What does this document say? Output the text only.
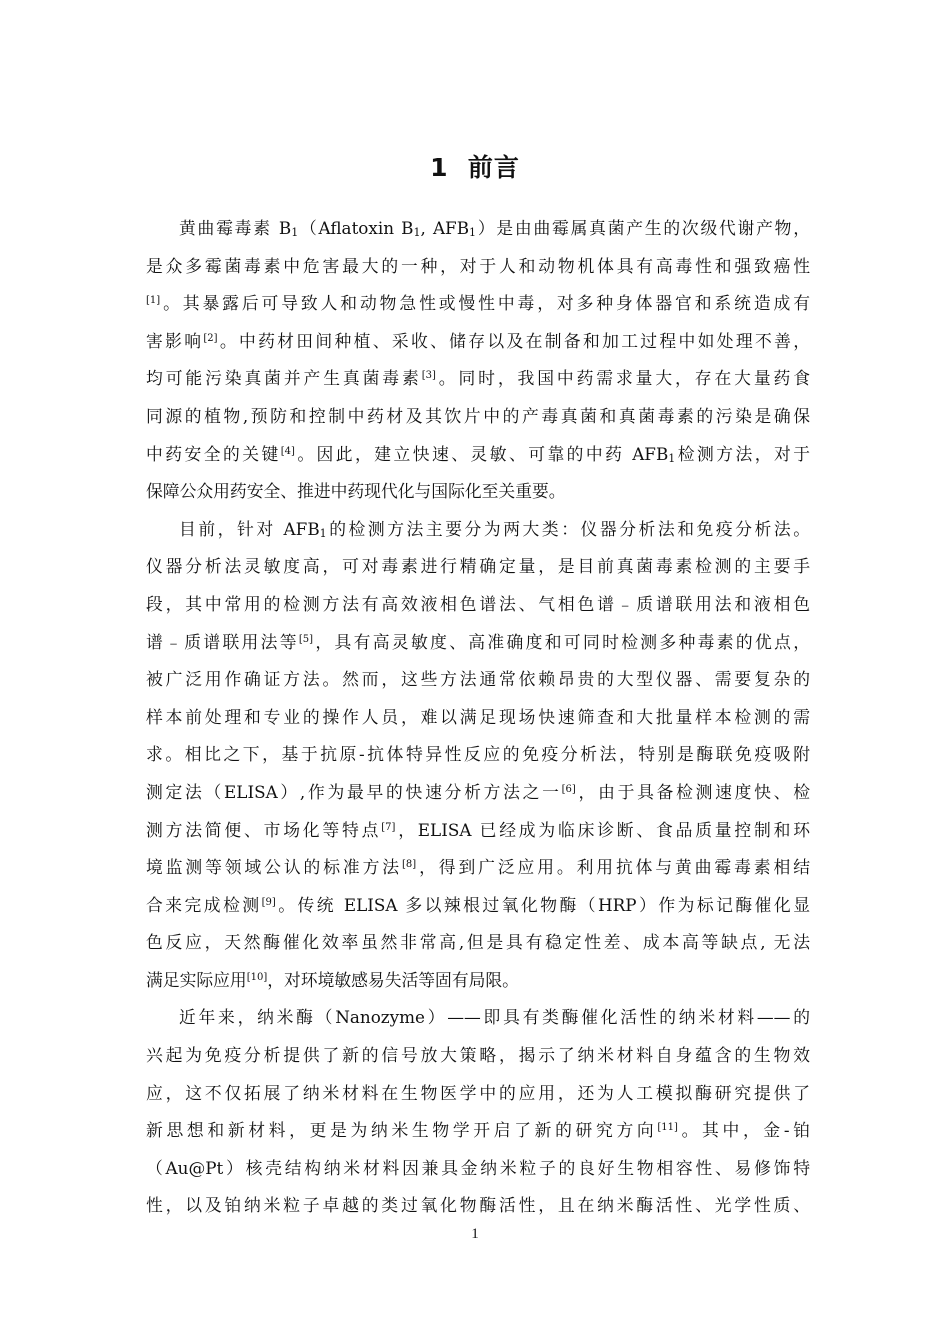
1 前言
黄曲霉毒素 $B_1(Aflatoxin$ $B_1$, $AFB_1$）是由曲霉属真菌产生的次级代谢产物，
是众多霉菌毒素中危害最大的一种，对于人和动物机体具有高毒性和强致癌性
[1]。其暴露后可导致人和动物急性或慢性中毒，对多种身体器官和系统造成有
害影响[2]。中药材田间种植、采收、储存以及在制备和加工过程中如处理不善，
均可能污染真菌并产生真菌毒素[3]。同时，我国中药需求量大，存在大量药食
同源的植物,预防和控制中药材及其饮片中的产毒真菌和真菌毒素的污染是确保
中药安全的关键[4]。因此，建立快速、灵敏、可靠的中药 $AFB_1$检测方法，对于
保障公众用药安全、推进中药现代化与国际化至关重要。
目前，针对 $AFB_1$的检测方法主要分为两大类：仪器分析法和免疫分析法。
仪器分析法灵敏度高，可对毒素进行精确定量，是目前真菌毒素检测的主要手
段，其中常用的检测方法有高效液相色谱法、气相色谱﹣质谱联用法和液相色
谱﹣质谱联用法等[5]，具有高灵敏度、高准确度和可同时检测多种毒素的优点，
被广泛用作确证方法。然而，这些方法通常依赖昂贵的大型仪器、需要复杂的
样本前处理和专业的操作人员，难以满足现场快速筛查和大批量样本检测的需
求。相比之下，基于抗原-抗体特异性反应的免疫分析法，特别是酶联免疫吸附
测定法（ELISA）,作为最早的快速分析方法之一[6]，由于具备检测速度快、检
测方法简便、市场化等特点[7]，ELISA 已经成为临床诊断、食品质量控制和环
境监测等领域公认的标准方法[8]，得到广泛应用。利用抗体与黄曲霉毒素相结
合来完成检测[9]。传统 ELISA 多以辣根过氧化物酶（HRP）作为标记酶催化显
色反应，天然酶催化效率虽然非常高,但是具有稳定性差、成本高等缺点, 无法
满足实际应用[10]，对环境敏感易失活等固有局限。
近年来，纳米酶（Nanozyme）——即具有类酶催化活性的纳米材料——的
兴起为免疫分析提供了新的信号放大策略，揭示了纳米材料自身蕴含的生物效
应，这不仅拓展了纳米材料在生物医学中的应用，还为人工模拟酶研究提供了
新思想和新材料，更是为纳米生物学开启了新的研究方向[11]。其中，金-铂
（Au@Pt）核壳结构纳米材料因兼具金纳米粒子的良好生物相容性、易修饰特
性，以及铂纳米粒子卓越的类过氧化物酶活性，且在纳米酶活性、光学性质、
1
